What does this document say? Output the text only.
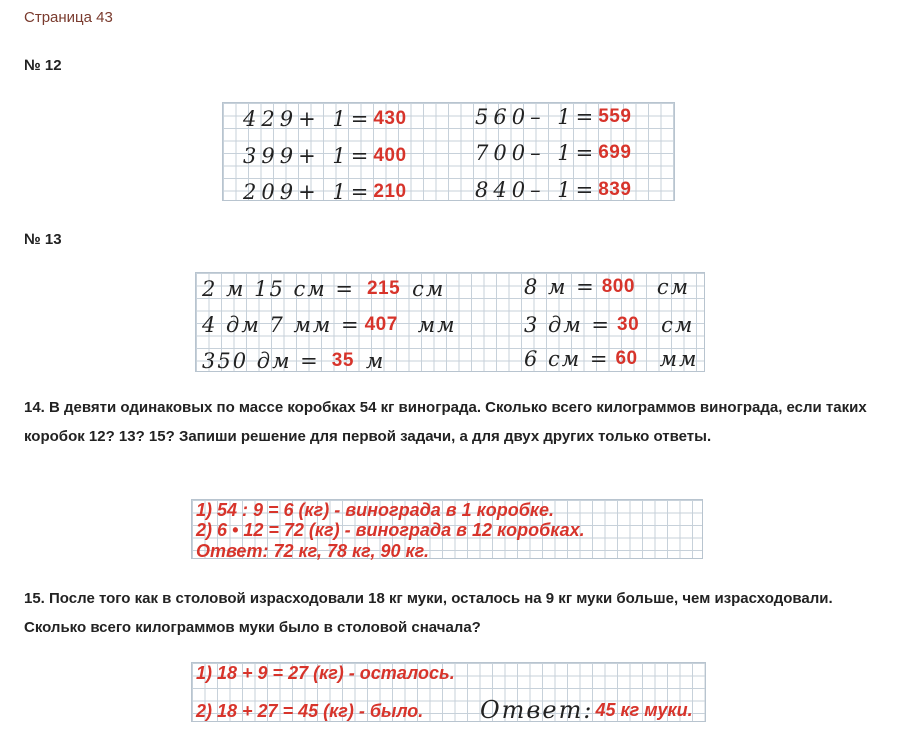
Страница 43
№ 12
429+ 1= 430	560– 1= 559
399+ 1= 400	700– 1= 699
209+ 1= 210	840– 1= 839
№ 13
2 м 15 см = 215 см	8 м = 800 см
4 дм 7 мм = 407 мм	3 дм = 30 см
350 дм = 35 м	6 см = 60 мм
14. В девяти одинаковых по массе коробках 54 кг винограда. Сколько всего килограммов винограда, если таких коробок 12? 13? 15? Запиши решение для первой задачи, а для двух других только ответы.
1) 54 : 9 = 6 (кг) - винограда в 1 коробке.
2) 6 • 12 = 72 (кг) - винограда в 12 коробках.
Ответ: 72 кг, 78 кг, 90 кг.
15. После того как в столовой израсходовали 18 кг муки, осталось на 9 кг муки больше, чем израсходовали. Сколько всего килограммов муки было в столовой сначала?
1) 18 + 9 = 27 (кг) - осталось.
2) 18 + 27 = 45 (кг) - было. Ответ: 45 кг муки.
